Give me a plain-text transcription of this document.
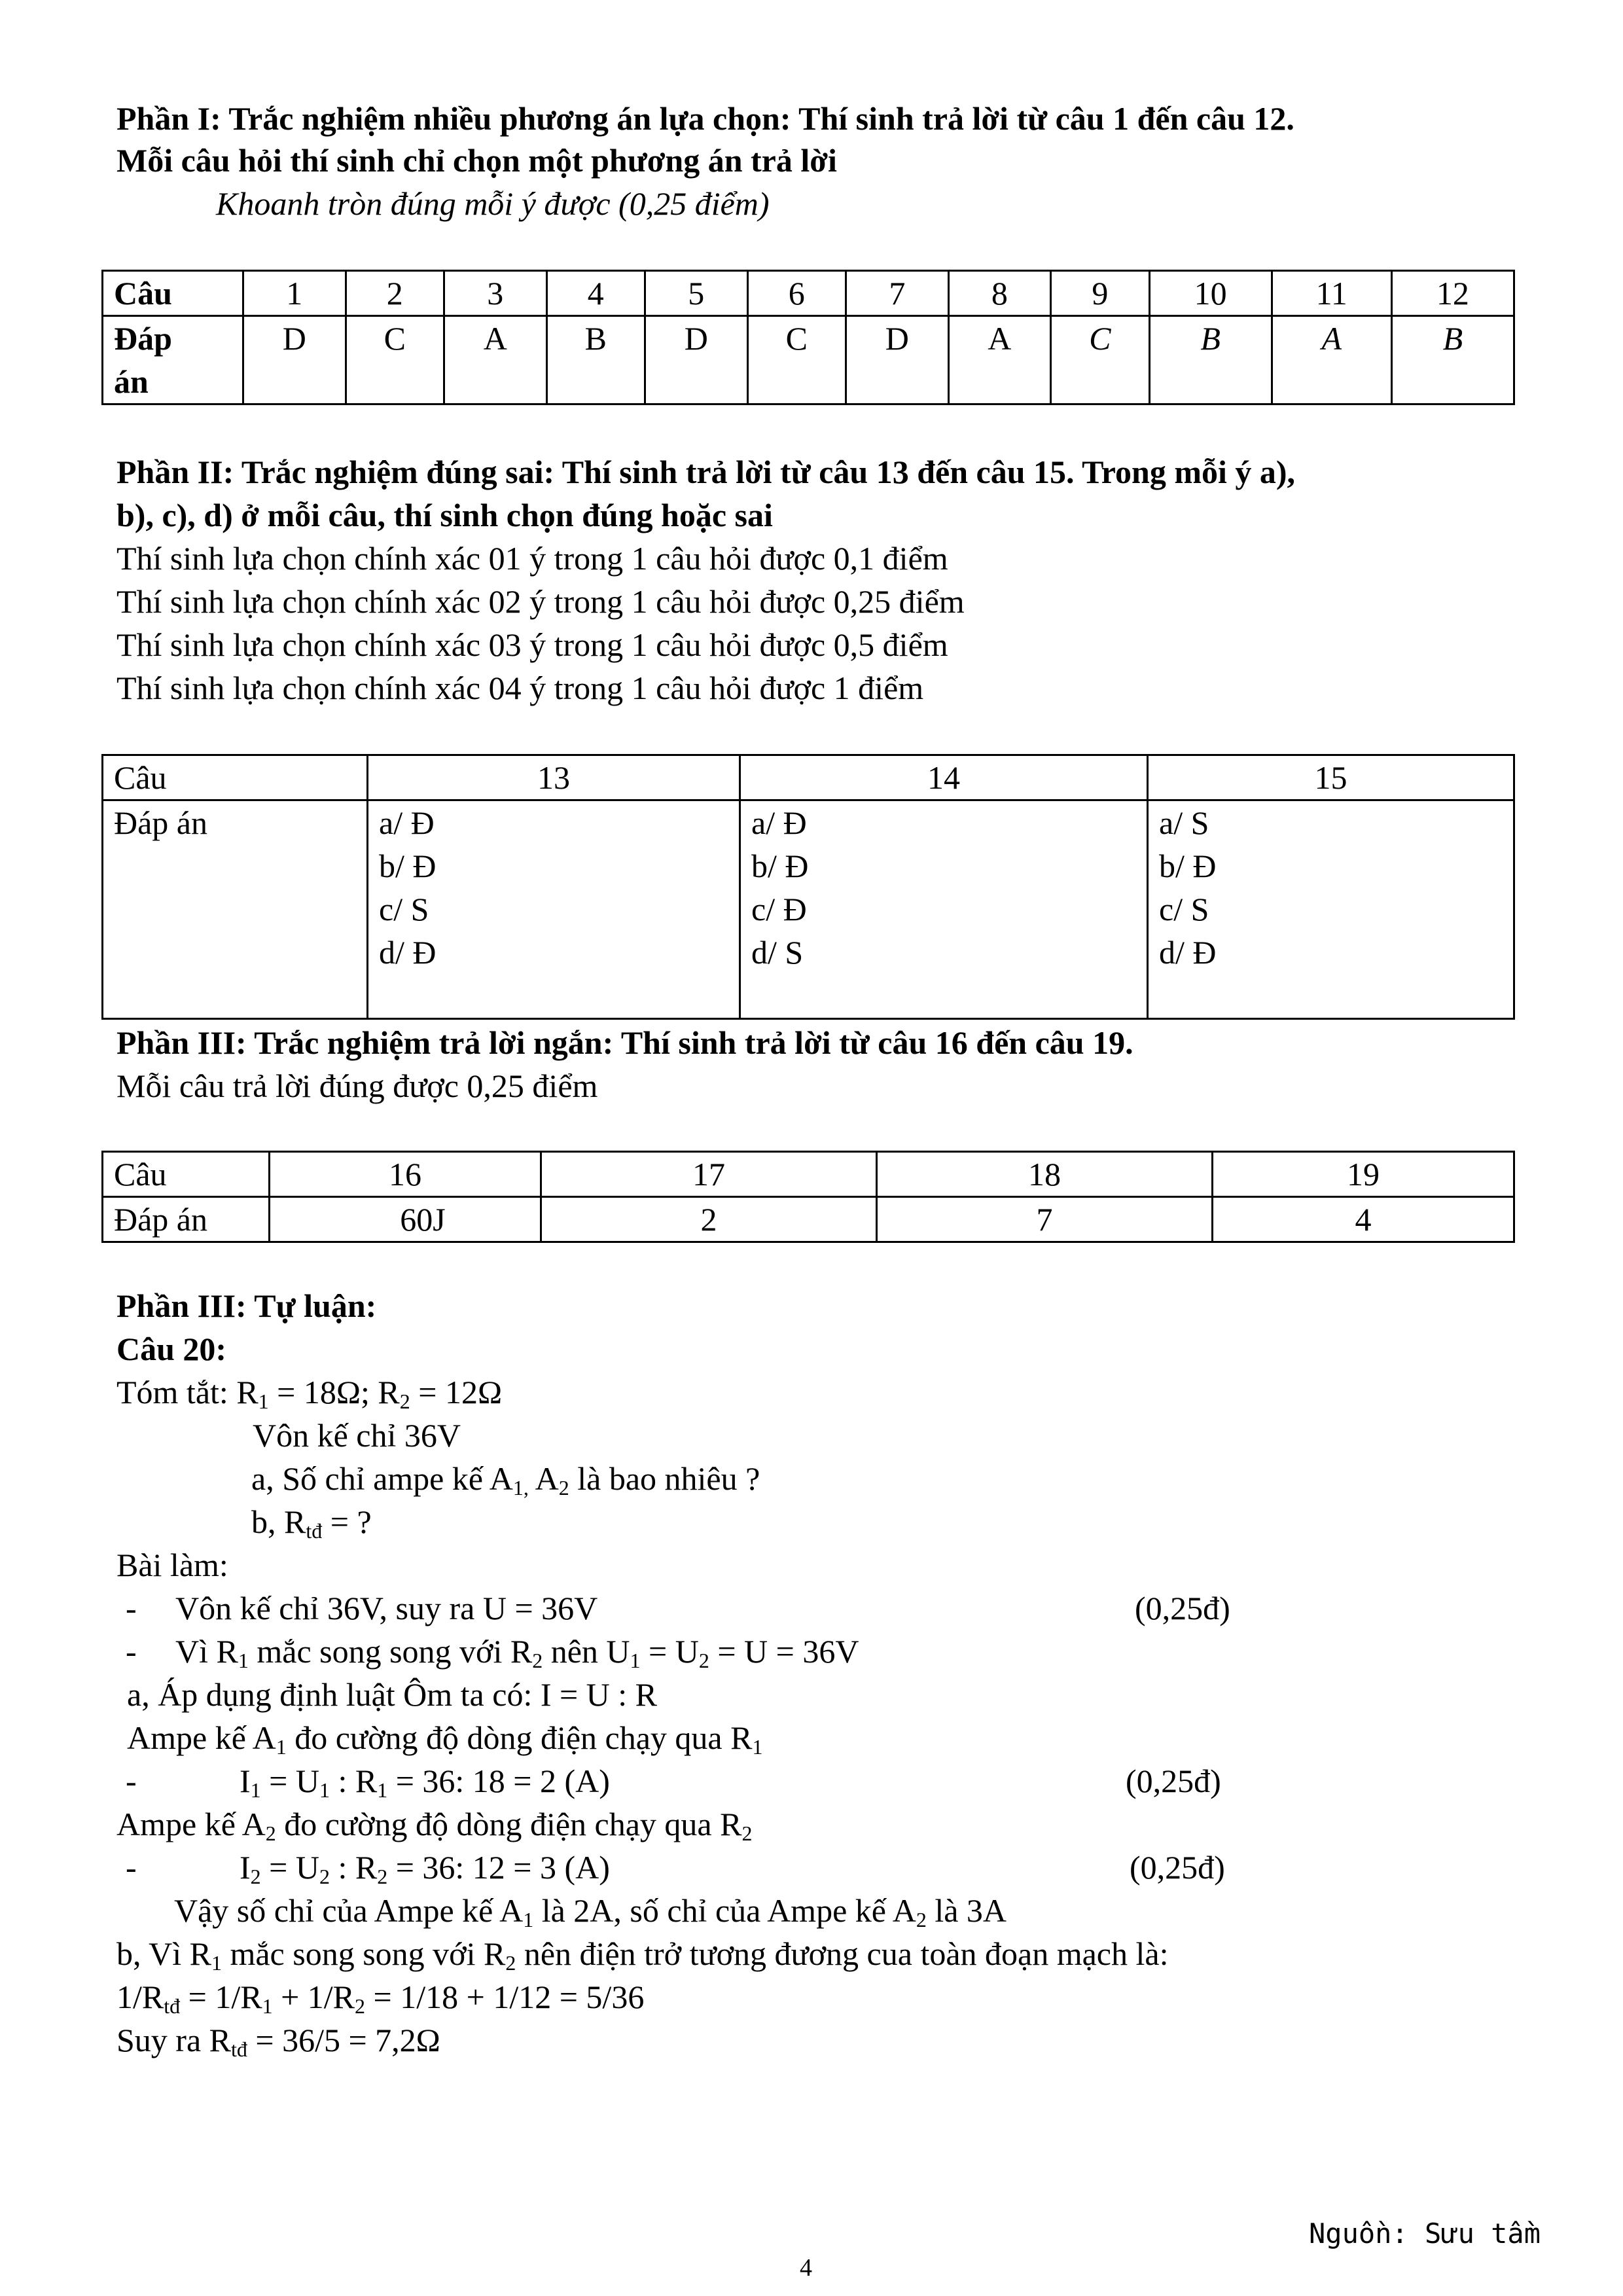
Phần I: Trắc nghiệm nhiều phương án lựa chọn: Thí sinh trả lời từ câu 1 đến câu 12.
Mỗi câu hỏi thí sinh chỉ chọn một phương án trả lời
Khoanh tròn đúng mỗi ý được (0,25 điểm)
Câu	1	2	3	4	5	6	7	8	9	10	11	12
Đáp
án	D	C	A	B	D	C	D	A	C	B	A	B
Phần II: Trắc nghiệm đúng sai: Thí sinh trả lời từ câu 13 đến câu 15. Trong mỗi ý a),
b), c), d) ở mỗi câu, thí sinh chọn đúng hoặc sai
Thí sinh lựa chọn chính xác 01 ý trong 1 câu hỏi được 0,1 điểm
Thí sinh lựa chọn chính xác 02 ý trong 1 câu hỏi được 0,25 điểm
Thí sinh lựa chọn chính xác 03 ý trong 1 câu hỏi được 0,5 điểm
Thí sinh lựa chọn chính xác 04 ý trong 1 câu hỏi được 1 điểm
Câu	13	14	15
Đáp án	a/ Đ
b/ Đ
c/ S
d/ Đ	a/ Đ
b/ Đ
c/ Đ
d/ S	a/ S
b/ Đ
c/ S
d/ Đ
Phần III: Trắc nghiệm trả lời ngắn: Thí sinh trả lời từ câu 16 đến câu 19.
Mỗi câu trả lời đúng được 0,25 điểm
Câu	16	17	18	19
Đáp án	60J	2	7	4
Phần III: Tự luận:
Câu 20:
Tóm tắt: $R_1 = 18\Omega$; $R_2 = 12\Omega$
Vôn kế chỉ 36V
a, Số chỉ ampe kế $A_{1,}$ $A_2$ là bao nhiêu ?
b, $R_{tđ}$ = ?
Bài làm:
- Vôn kế chỉ 36V, suy ra U = 36V	(0,25đ)
- Vì $R_1$ mắc song song với $R_2$ nên $U_1 = U_2 = U = 36V$
a, Áp dụng định luật Ôm ta có: I = U : R
Ampe kế $A_1$ đo cường độ dòng điện chạy qua $R_1$
-	$I_1 = U_1$ : $R_1 = 36$: 18 = 2 (A)	(0,25đ)
Ampe kế $A_2$ đo cường độ dòng điện chạy qua $R_2$
-	$I_2 = U_2$ : $R_2 = 36$: 12 = 3 (A)	(0,25đ)
Vậy số chỉ của Ampe kế $A_1$ là 2A, số chỉ của Ampe kế $A_2$ là 3A
b, Vì $R_1$ mắc song song với $R_2$ nên điện trở tương đương cua toàn đoạn mạch là:
$1/R_{tđ} = 1/R_1 + 1/R_2 = 1/18 + 1/12 = 5/36$
Suy ra $R_{tđ} = 36/5 = 7,2\Omega$
Nguồn: Sưu tầm
4
